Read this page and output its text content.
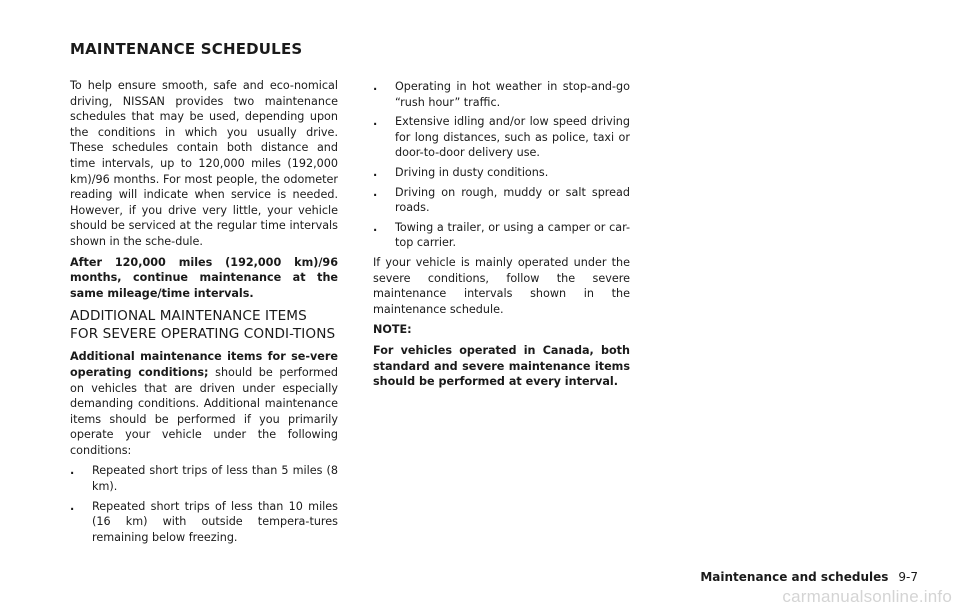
MAINTENANCE SCHEDULES

To help ensure smooth, safe and eco-nomical driving, NISSAN provides two maintenance schedules that may be used, depending upon the conditions in which you usually drive. These schedules contain both distance and time intervals, up to 120,000 miles (192,000 km)/96 months. For most people, the odometer reading will indicate when service is needed. However, if you drive very little, your vehicle should be serviced at the regular time intervals shown in the sche-dule.

After 120,000 miles (192,000 km)/96 months, continue maintenance at the same mileage/time intervals.

ADDITIONAL MAINTENANCE ITEMS FOR SEVERE OPERATING CONDI-TIONS

Additional maintenance items for se-vere operating conditions; should be performed on vehicles that are driven under especially demanding conditions. Additional maintenance items should be performed if you primarily operate your vehicle under the following conditions:

. Repeated short trips of less than 5 miles (8 km).
. Repeated short trips of less than 10 miles (16 km) with outside tempera-tures remaining below freezing.
. Operating in hot weather in stop-and-go “rush hour” traffic.
. Extensive idling and/or low speed driving for long distances, such as police, taxi or door-to-door delivery use.
. Driving in dusty conditions.
. Driving on rough, muddy or salt spread roads.
. Towing a trailer, or using a camper or car-top carrier.

If your vehicle is mainly operated under the severe conditions, follow the severe maintenance intervals shown in the maintenance schedule.

NOTE:

For vehicles operated in Canada, both standard and severe maintenance items should be performed at every interval.

Maintenance and schedules 9-7
carmanualsonline.info
